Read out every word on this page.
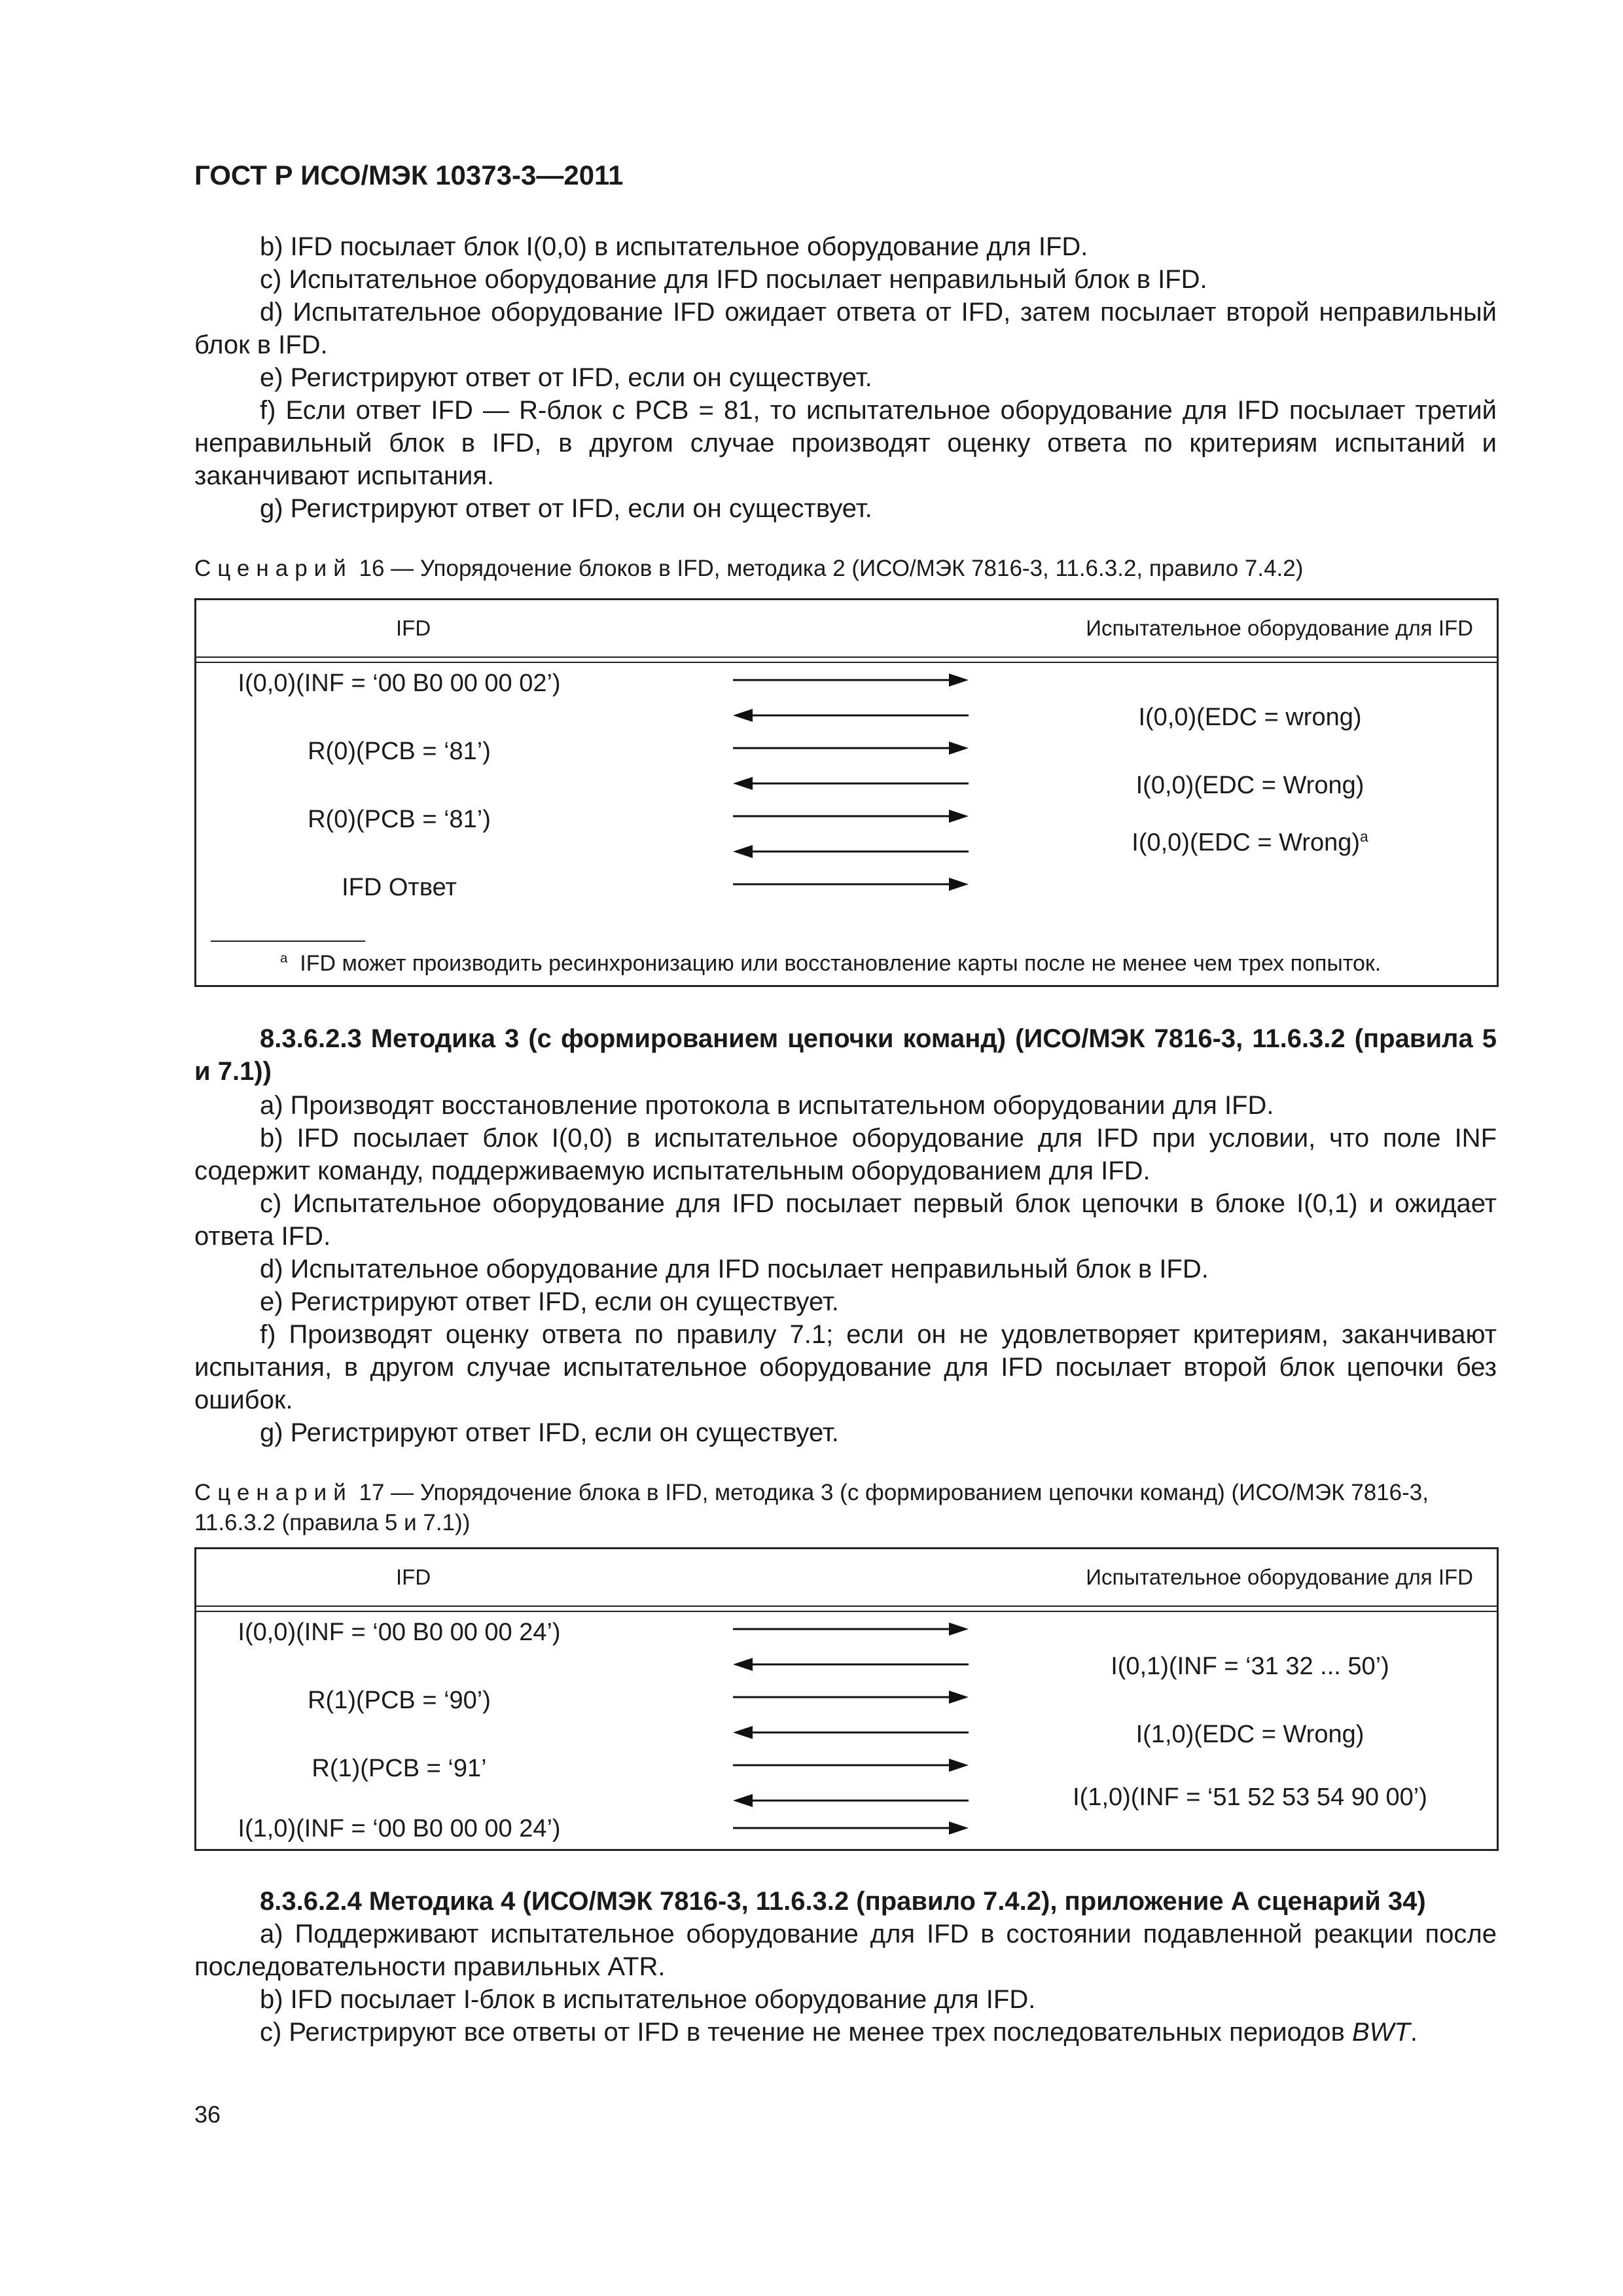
ГОСТ Р ИСО/МЭК 10373-3—2011

b) IFD посылает блок I(0,0) в испытательное оборудование для IFD.

c) Испытательное оборудование для IFD посылает неправильный блок в IFD.

d) Испытательное оборудование IFD ожидает ответа от IFD, затем посылает второй неправильный блок в IFD.

e) Регистрируют ответ от IFD, если он существует.

f) Если ответ IFD — R-блок с PCB = 81, то испытательное оборудование для IFD посылает третий неправильный блок в IFD, в другом случае производят оценку ответа по критериям испытаний и заканчивают испытания.

g) Регистрируют ответ от IFD, если он существует.

Сценарий 16 — Упорядочение блоков в IFD, методика 2 (ИСО/МЭК 7816-3, 11.6.3.2, правило 7.4.2)

IFD	Испытательное оборудование для IFD
I(0,0)(INF = ‘00 B0 00 00 02’)
R(0)(PCB = ‘81’)
R(0)(PCB = ‘81’)
IFD Ответ
I(0,0)(EDC = wrong)
I(0,0)(EDC = Wrong)
I(0,0)(EDC = Wrong)$^a$
$^a$ IFD может производить ресинхронизацию или восстановление карты после не менее чем трех попыток.

8.3.6.2.3 Методика 3 (с формированием цепочки команд) (ИСО/МЭК 7816-3, 11.6.3.2 (правила 5 и 7.1))

a) Производят восстановление протокола в испытательном оборудовании для IFD.

b) IFD посылает блок I(0,0) в испытательное оборудование для IFD при условии, что поле INF содержит команду, поддерживаемую испытательным оборудованием для IFD.

c) Испытательное оборудование для IFD посылает первый блок цепочки в блоке I(0,1) и ожидает ответа IFD.

d) Испытательное оборудование для IFD посылает неправильный блок в IFD.

e) Регистрируют ответ IFD, если он существует.

f) Производят оценку ответа по правилу 7.1; если он не удовлетворяет критериям, заканчивают испытания, в другом случае испытательное оборудование для IFD посылает второй блок цепочки без ошибок.

g) Регистрируют ответ IFD, если он существует.

Сценарий 17 — Упорядочение блока в IFD, методика 3 (с формированием цепочки команд) (ИСО/МЭК 7816-3, 11.6.3.2 (правила 5 и 7.1))

IFD	Испытательное оборудование для IFD
I(0,0)(INF = ‘00 B0 00 00 24’)
R(1)(PCB = ‘90’)
R(1)(PCB = ‘91’
I(1,0)(INF = ‘00 B0 00 00 24’)
I(0,1)(INF = ‘31 32 ... 50’)
I(1,0)(EDC = Wrong)
I(1,0)(INF = ‘51 52 53 54 90 00’)

8.3.6.2.4 Методика 4 (ИСО/МЭК 7816-3, 11.6.3.2 (правило 7.4.2), приложение А сценарий 34)

a) Поддерживают испытательное оборудование для IFD в состоянии подавленной реакции после последовательности правильных ATR.

b) IFD посылает I-блок в испытательное оборудование для IFD.

c) Регистрируют все ответы от IFD в течение не менее трех последовательных периодов BWT.

36
